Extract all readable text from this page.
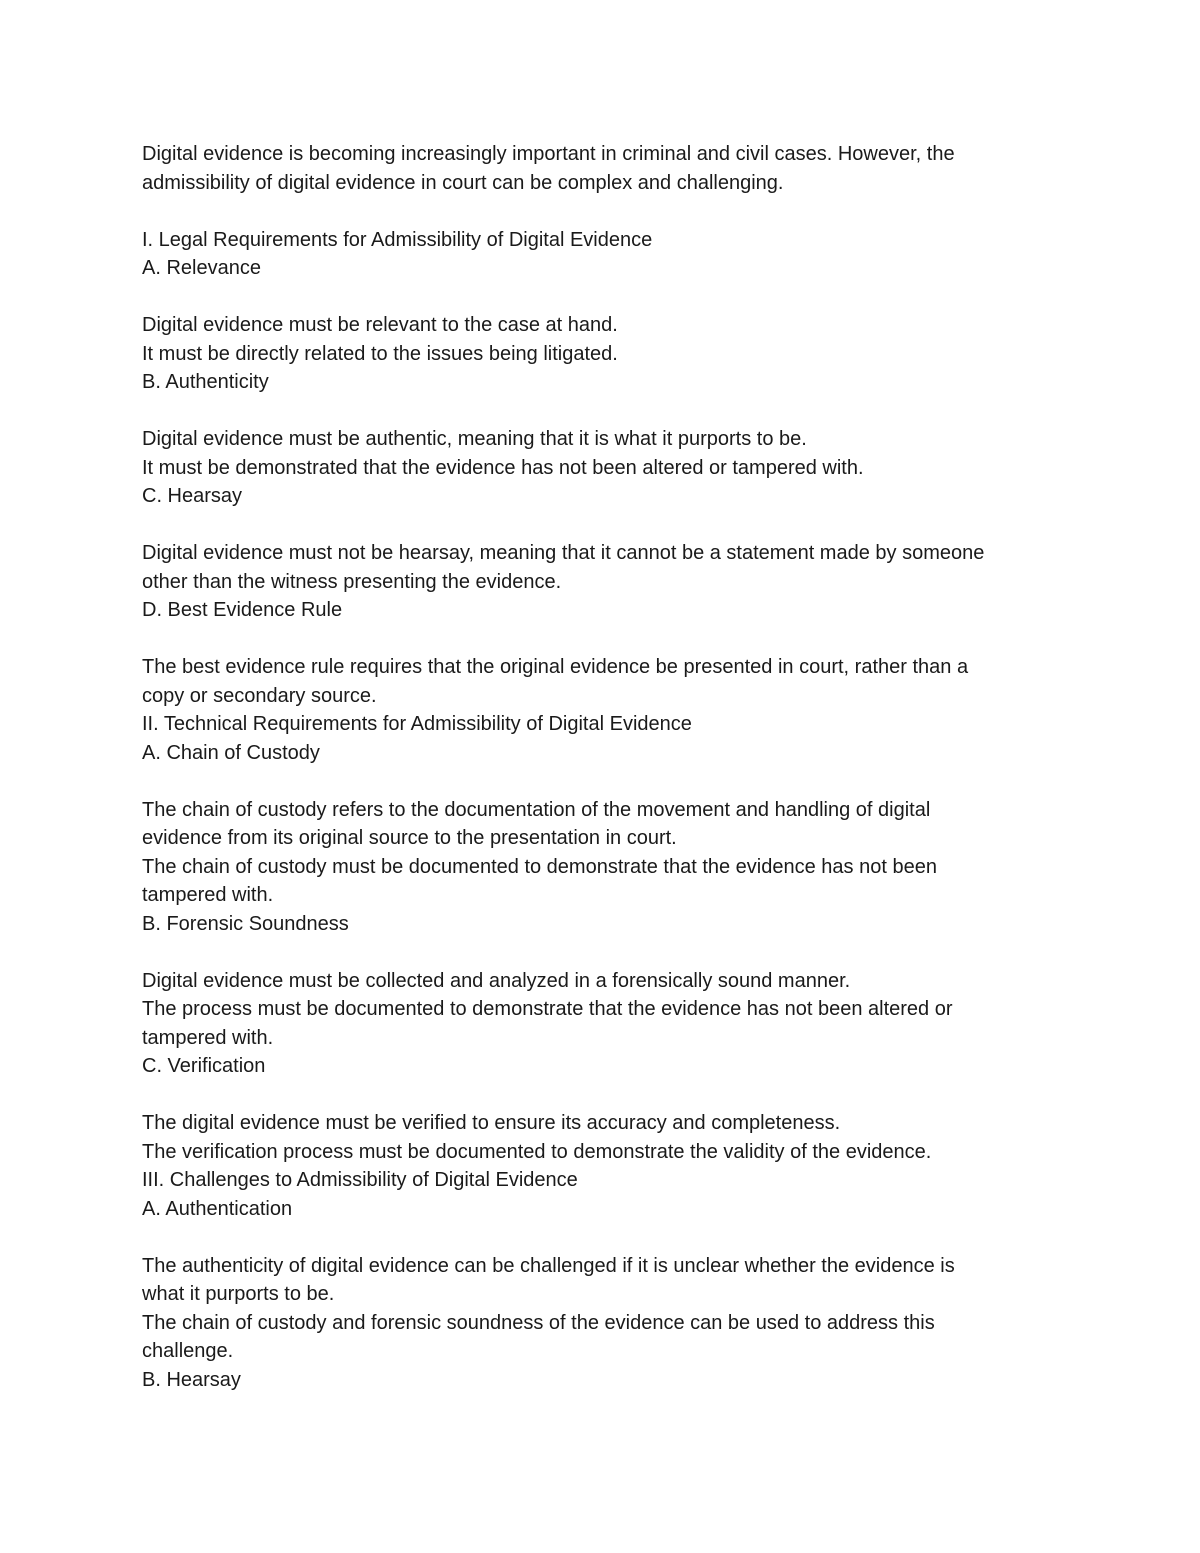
Digital evidence is becoming increasingly important in criminal and civil cases. However, the
admissibility of digital evidence in court can be complex and challenging.
I. Legal Requirements for Admissibility of Digital Evidence
A. Relevance
Digital evidence must be relevant to the case at hand.
It must be directly related to the issues being litigated.
B. Authenticity
Digital evidence must be authentic, meaning that it is what it purports to be.
It must be demonstrated that the evidence has not been altered or tampered with.
C. Hearsay
Digital evidence must not be hearsay, meaning that it cannot be a statement made by someone
other than the witness presenting the evidence.
D. Best Evidence Rule
The best evidence rule requires that the original evidence be presented in court, rather than a
copy or secondary source.
II. Technical Requirements for Admissibility of Digital Evidence
A. Chain of Custody
The chain of custody refers to the documentation of the movement and handling of digital
evidence from its original source to the presentation in court.
The chain of custody must be documented to demonstrate that the evidence has not been
tampered with.
B. Forensic Soundness
Digital evidence must be collected and analyzed in a forensically sound manner.
The process must be documented to demonstrate that the evidence has not been altered or
tampered with.
C. Verification
The digital evidence must be verified to ensure its accuracy and completeness.
The verification process must be documented to demonstrate the validity of the evidence.
III. Challenges to Admissibility of Digital Evidence
A. Authentication
The authenticity of digital evidence can be challenged if it is unclear whether the evidence is
what it purports to be.
The chain of custody and forensic soundness of the evidence can be used to address this
challenge.
B. Hearsay
